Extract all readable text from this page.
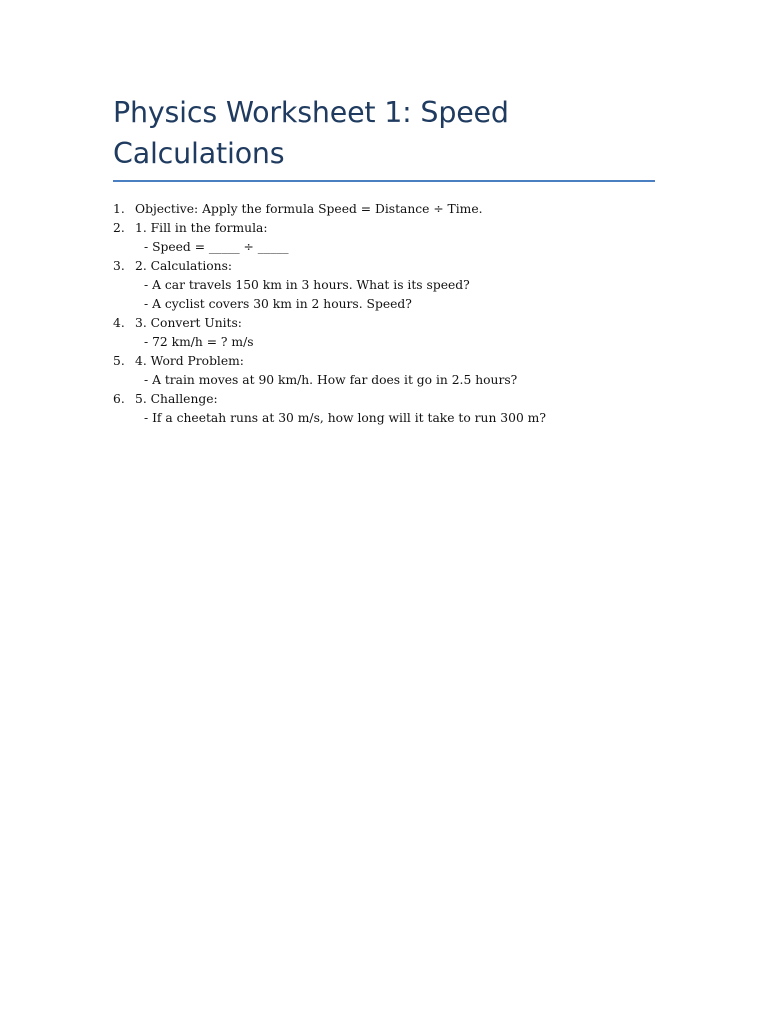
Physics Worksheet 1: Speed Calculations
1. Objective: Apply the formula Speed = Distance ÷ Time.
2. 1. Fill in the formula:
- Speed = _____ ÷ _____
3. 2. Calculations:
- A car travels 150 km in 3 hours. What is its speed?
- A cyclist covers 30 km in 2 hours. Speed?
4. 3. Convert Units:
- 72 km/h = ? m/s
5. 4. Word Problem:
- A train moves at 90 km/h. How far does it go in 2.5 hours?
6. 5. Challenge:
- If a cheetah runs at 30 m/s, how long will it take to run 300 m?
